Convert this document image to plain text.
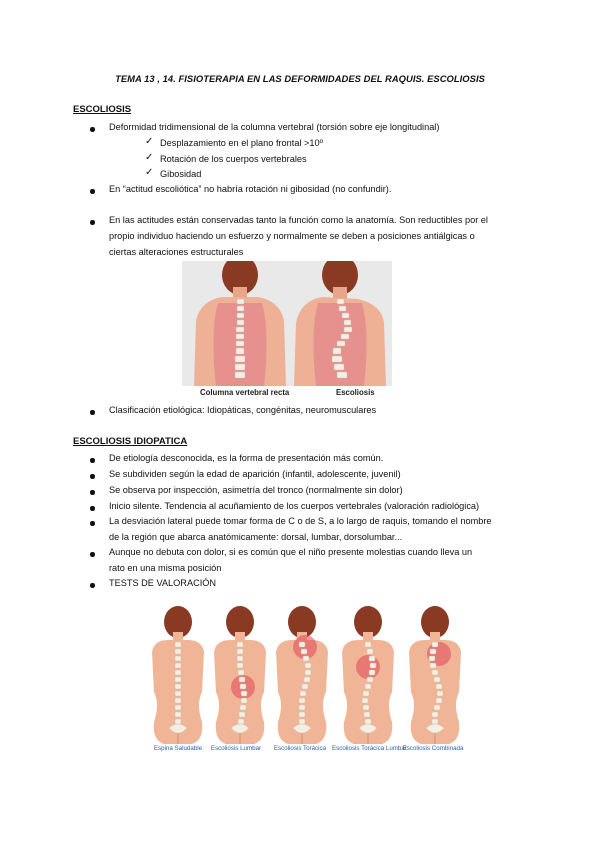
TEMA 13 , 14. FISIOTERAPIA EN LAS DEFORMIDADES DEL RAQUIS. ESCOLIOSIS
ESCOLIOSIS
Deformidad tridimensional de la columna vertebral (torsión sobre eje longitudinal)
✓ Desplazamiento en el plano frontal >10º
✓ Rotación de los cuerpos vertebrales
✓ Gibosidad
En “actitud escoliótica” no habría rotación ni gibosidad (no confundir).
En las actitudes están conservadas tanto la función como la anatomía. Son reductibles por el
propio individuo haciendo un esfuerzo y normalmente se deben a posiciones antiálgicas o
ciertas alteraciones estructurales
Columna vertebral recta	Escoliosis
Clasificación etiológica: Idiopáticas, congénitas, neuromusculares
ESCOLIOSIS IDIOPATICA
De etiología desconocida, es la forma de presentación más común.
Se subdividen según la edad de aparición (infantil, adolescente, juvenil)
Se observa por inspección, asimetría del tronco (normalmente sin dolor)
Inicio silente. Tendencia al acuñamiento de los cuerpos vertebrales (valoración radiológica)
La desviación lateral puede tomar forma de C o de S, a lo largo de raquis, tomando el nombre
de la región que abarca anatómicamente: dorsal, lumbar, dorsolumbar...
Aunque no debuta con dolor, si es común que el niño presente molestias cuando lleva un
rato en una misma posición
TESTS DE VALORACIÓN
Espina Saludable	Escoliosis Lumbar	Escoliosis Torácica Escoliosis Torácica Lumbar
Escoliosis Combinada
